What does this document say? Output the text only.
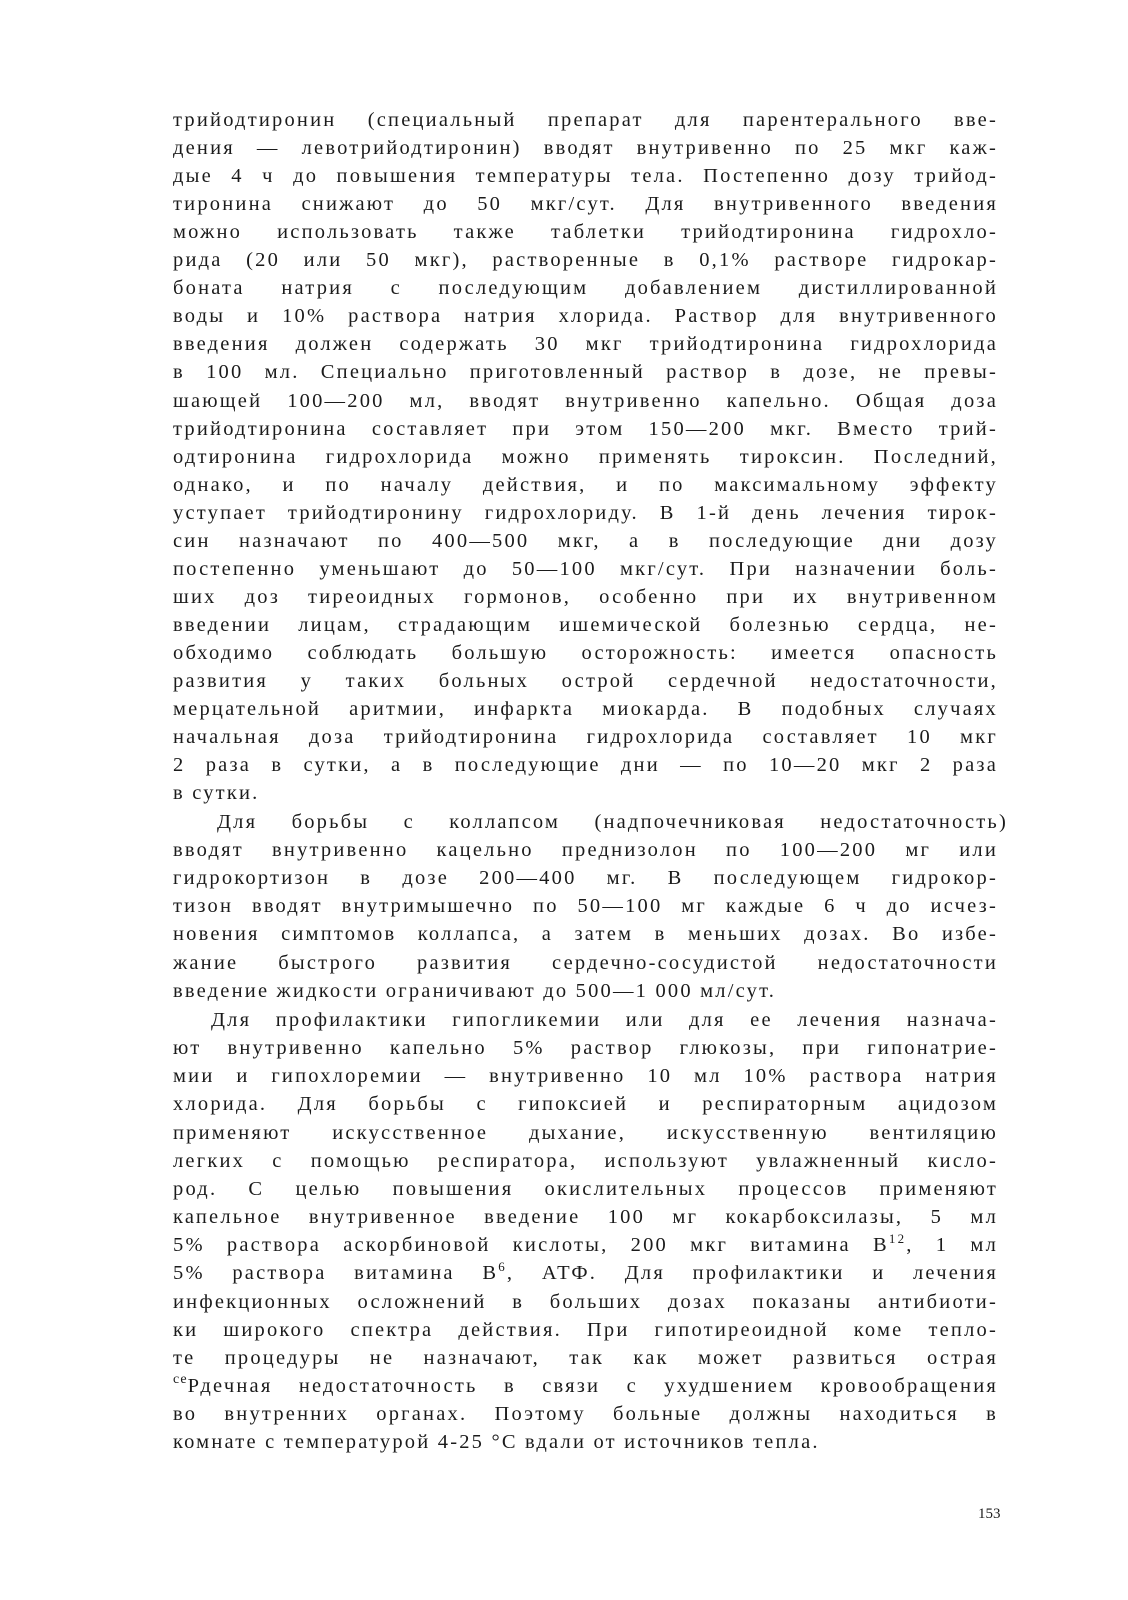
трийодтиронин (специальный препарат для парентерального вве-
дения — левотрийодтиронин) вводят внутривенно по 25 мкг каж-
дые 4 ч до повышения температуры тела. Постепенно дозу трийод-
тиронина снижают до 50 мкг/сут. Для внутривенного введения
можно использовать также таблетки трийодтиронина гидрохло-
рида (20 или 50 мкг), растворенные в 0,1% растворе гидрокар-
боната натрия с последующим добавлением дистиллированной
воды и 10% раствора натрия хлорида. Раствор для внутривенного
введения должен содержать 30 мкг трийодтиронина гидрохлорида
в 100 мл. Специально приготовленный раствор в дозе, не превы-
шающей 100—200 мл, вводят внутривенно капельно. Общая доза
трийодтиронина составляет при этом 150—200 мкг. Вместо трий-
одтиронина гидрохлорида можно применять тироксин. Последний,
однако, и по началу действия, и по максимальному эффекту
уступает трийодтиронину гидрохлориду. В 1-й день лечения тирок-
син назначают по 400—500 мкг, а в последующие дни дозу
постепенно уменьшают до 50—100 мкг/сут. При назначении боль-
ших доз тиреоидных гормонов, особенно при их внутривенном
введении лицам, страдающим ишемической болезнью сердца, не-
обходимо соблюдать большую осторожность: имеется опасность
развития у таких больных острой сердечной недостаточности,
мерцательной аритмии, инфаркта миокарда. В подобных случаях
начальная доза трийодтиронина гидрохлорида составляет 10 мкг
2 раза в сутки, а в последующие дни — по 10—20 мкг 2 раза
в сутки.
Для борьбы с коллапсом (надпочечниковая недостаточность)
вводят внутривенно кацельно преднизолон по 100—200 мг или
гидрокортизон в дозе 200—400 мг. В последующем гидрокор-
тизон вводят внутримышечно по 50—100 мг каждые 6 ч до исчез-
новения симптомов коллапса, а затем в меньших дозах. Во избе-
жание быстрого развития сердечно-сосудистой недостаточности
введение жидкости ограничивают до 500—1 000 мл/сут.
Для профилактики гипогликемии или для ее лечения назнача-
ют внутривенно капельно 5% раствор глюкозы, при гипонатрие-
мии и гипохлоремии — внутривенно 10 мл 10% раствора натрия
хлорида. Для борьбы с гипоксией и респираторным ацидозом
применяют искусственное дыхание, искусственную вентиляцию
легких с помощью респиратора, используют увлажненный кисло-
род. С целью повышения окислительных процессов применяют
капельное внутривенное введение 100 мг кокарбоксилазы, 5 мл
5% раствора аскорбиновой кислоты, 200 мкг витамина $В^{12}$, 1 мл
5% раствора витамина $В^6$, АТФ. Для профилактики и лечения
инфекционных осложнений в больших дозах показаны антибиоти-
ки широкого спектра действия. При гипотиреоидной коме тепло-
те процедуры не назначают, так как может развиться острая
$^{се}$Рдечная недостаточность в связи с ухудшением кровообращения
во внутренних органах. Поэтому больные должны находиться в
комнате с температурой 4-25 °С вдали от источников тепла.
153
